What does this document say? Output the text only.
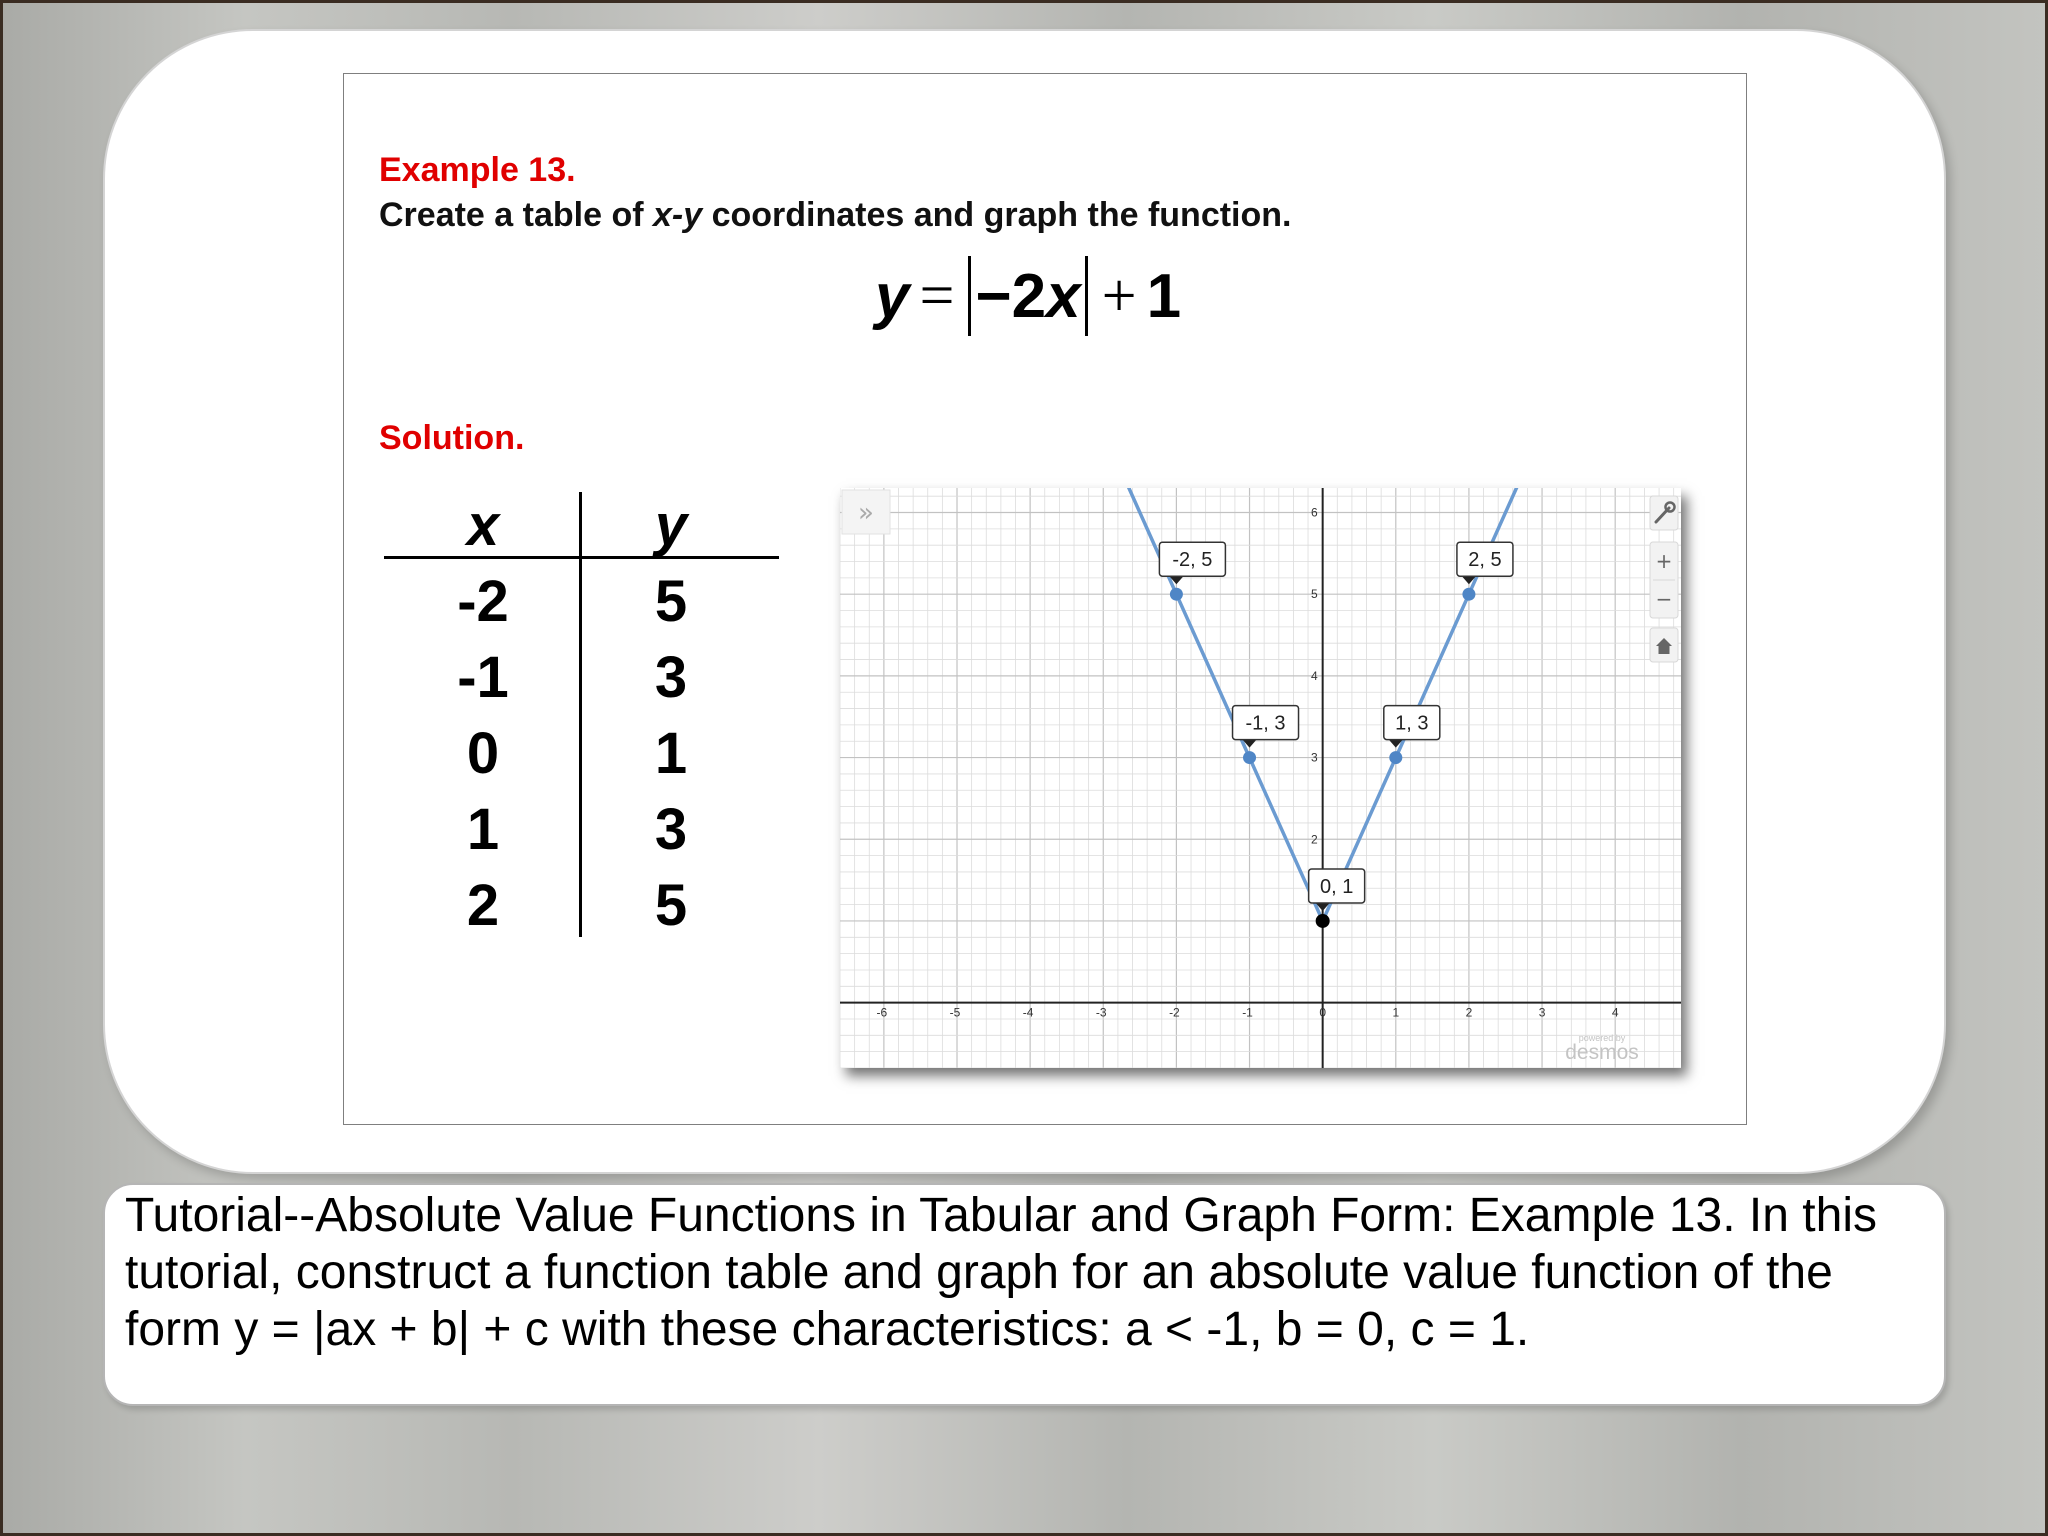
Example 13.
Create a table of x-y coordinates and graph the function.
y = −2 x + 1
Solution.
x	y
-2	5
-1	3
0	1
1	3
2	5
-6	-5	-4	-3	-2	-1	0	1	2	3	4
2
3
4
5
6
-2, 5
-1, 3
0, 1
1, 3
2, 5
»
+
−
powered by
desmos
Tutorial--Absolute Value Functions in Tabular and Graph Form: Example 13. In this tutorial, construct a function table and graph for an absolute value function of the form y = |ax + b| + c with these characteristics: a < -1, b = 0, c = 1.
